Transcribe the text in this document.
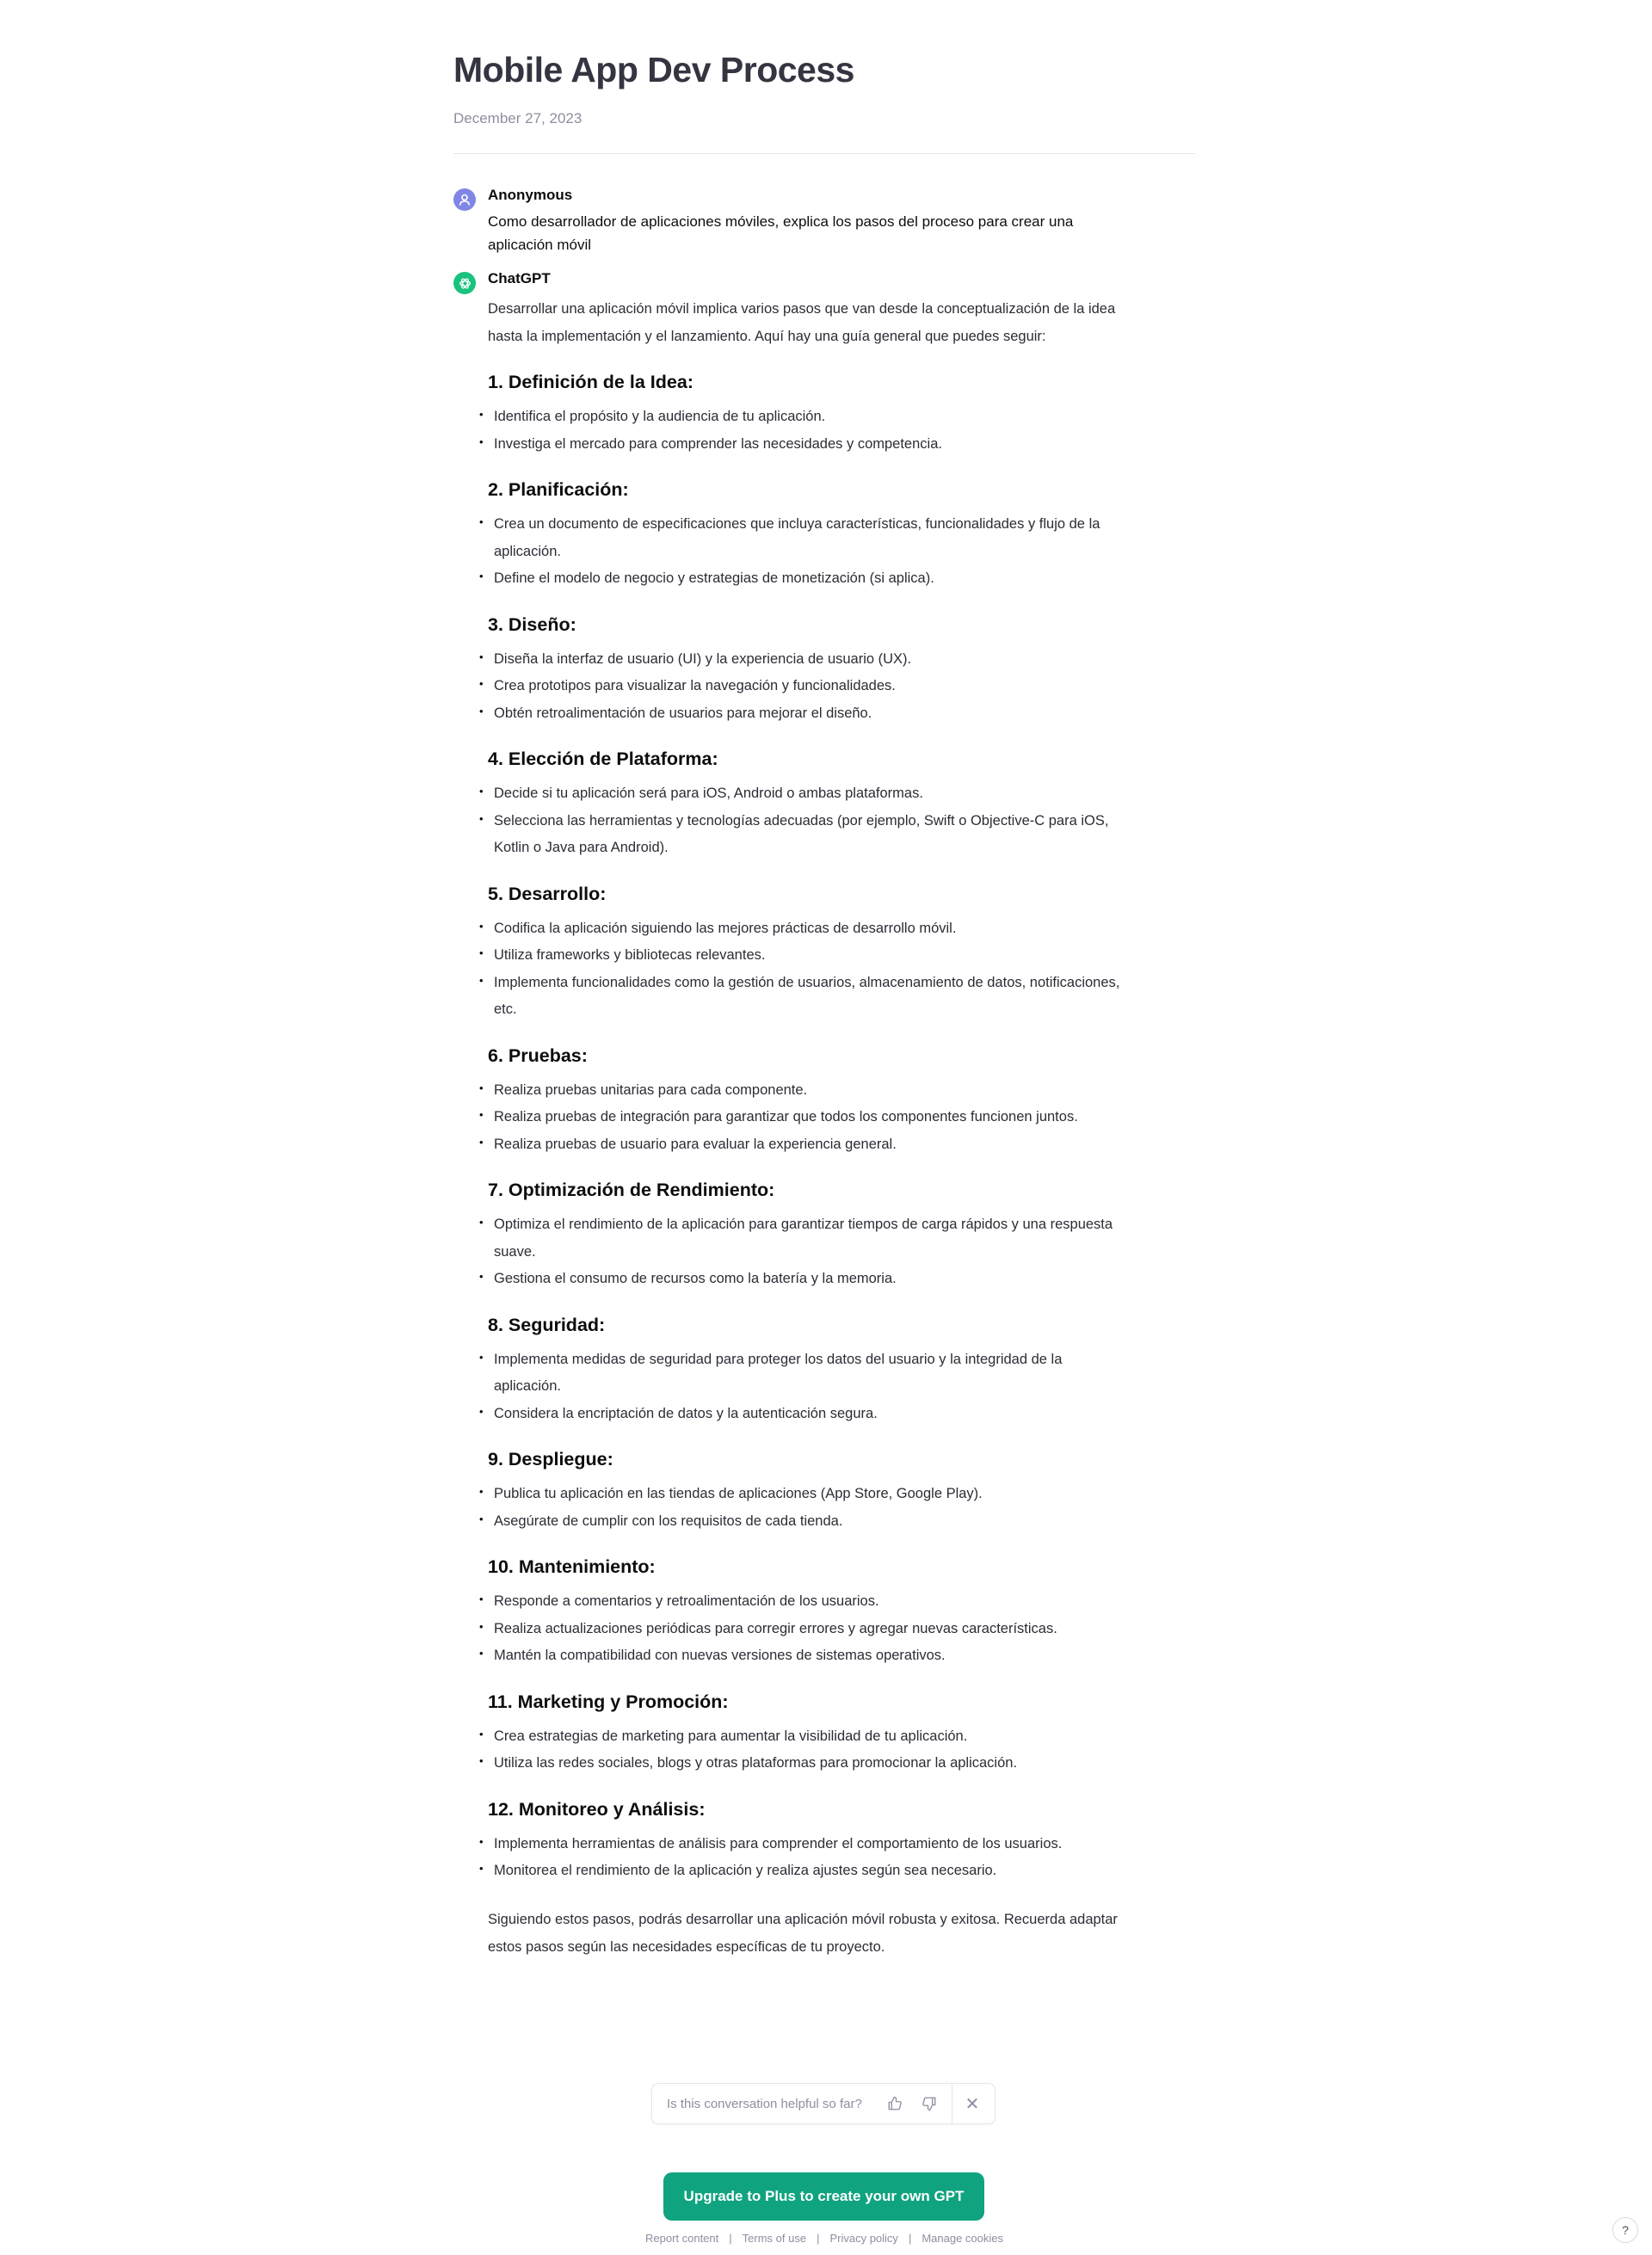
Mobile App Dev Process
December 27, 2023
Anonymous
Como desarrollador de aplicaciones móviles, explica los pasos del proceso para crear una aplicación móvil
ChatGPT

Desarrollar una aplicación móvil implica varios pasos que van desde la conceptualización de la idea hasta la implementación y el lanzamiento. Aquí hay una guía general que puedes seguir:

1. Definición de la Idea:
• Identifica el propósito y la audiencia de tu aplicación.
• Investiga el mercado para comprender las necesidades y competencia.
2. Planificación:
• Crea un documento de especificaciones que incluya características, funcionalidades y flujo de la aplicación.
• Define el modelo de negocio y estrategias de monetización (si aplica).
3. Diseño:
• Diseña la interfaz de usuario (UI) y la experiencia de usuario (UX).
• Crea prototipos para visualizar la navegación y funcionalidades.
• Obtén retroalimentación de usuarios para mejorar el diseño.
4. Elección de Plataforma:
• Decide si tu aplicación será para iOS, Android o ambas plataformas.
• Selecciona las herramientas y tecnologías adecuadas (por ejemplo, Swift o Objective-C para iOS, Kotlin o Java para Android).
5. Desarrollo:
• Codifica la aplicación siguiendo las mejores prácticas de desarrollo móvil.
• Utiliza frameworks y bibliotecas relevantes.
• Implementa funcionalidades como la gestión de usuarios, almacenamiento de datos, notificaciones, etc.
6. Pruebas:
• Realiza pruebas unitarias para cada componente.
• Realiza pruebas de integración para garantizar que todos los componentes funcionen juntos.
• Realiza pruebas de usuario para evaluar la experiencia general.
7. Optimización de Rendimiento:
• Optimiza el rendimiento de la aplicación para garantizar tiempos de carga rápidos y una respuesta suave.
• Gestiona el consumo de recursos como la batería y la memoria.
8. Seguridad:
• Implementa medidas de seguridad para proteger los datos del usuario y la integridad de la aplicación.
• Considera la encriptación de datos y la autenticación segura.
9. Despliegue:
• Publica tu aplicación en las tiendas de aplicaciones (App Store, Google Play).
• Asegúrate de cumplir con los requisitos de cada tienda.
10. Mantenimiento:
• Responde a comentarios y retroalimentación de los usuarios.
• Realiza actualizaciones periódicas para corregir errores y agregar nuevas características.
• Mantén la compatibilidad con nuevas versiones de sistemas operativos.
11. Marketing y Promoción:
• Crea estrategias de marketing para aumentar la visibilidad de tu aplicación.
• Utiliza las redes sociales, blogs y otras plataformas para promocionar la aplicación.
12. Monitoreo y Análisis:
• Implementa herramientas de análisis para comprender el comportamiento de los usuarios.
• Monitorea el rendimiento de la aplicación y realiza ajustes según sea necesario.

Siguiendo estos pasos, podrás desarrollar una aplicación móvil robusta y exitosa. Recuerda adaptar estos pasos según las necesidades específicas de tu proyecto.

Is this conversation helpful so far?	✕
Upgrade to Plus to create your own GPT
Report content | Terms of use | Privacy policy | Manage cookies
?
